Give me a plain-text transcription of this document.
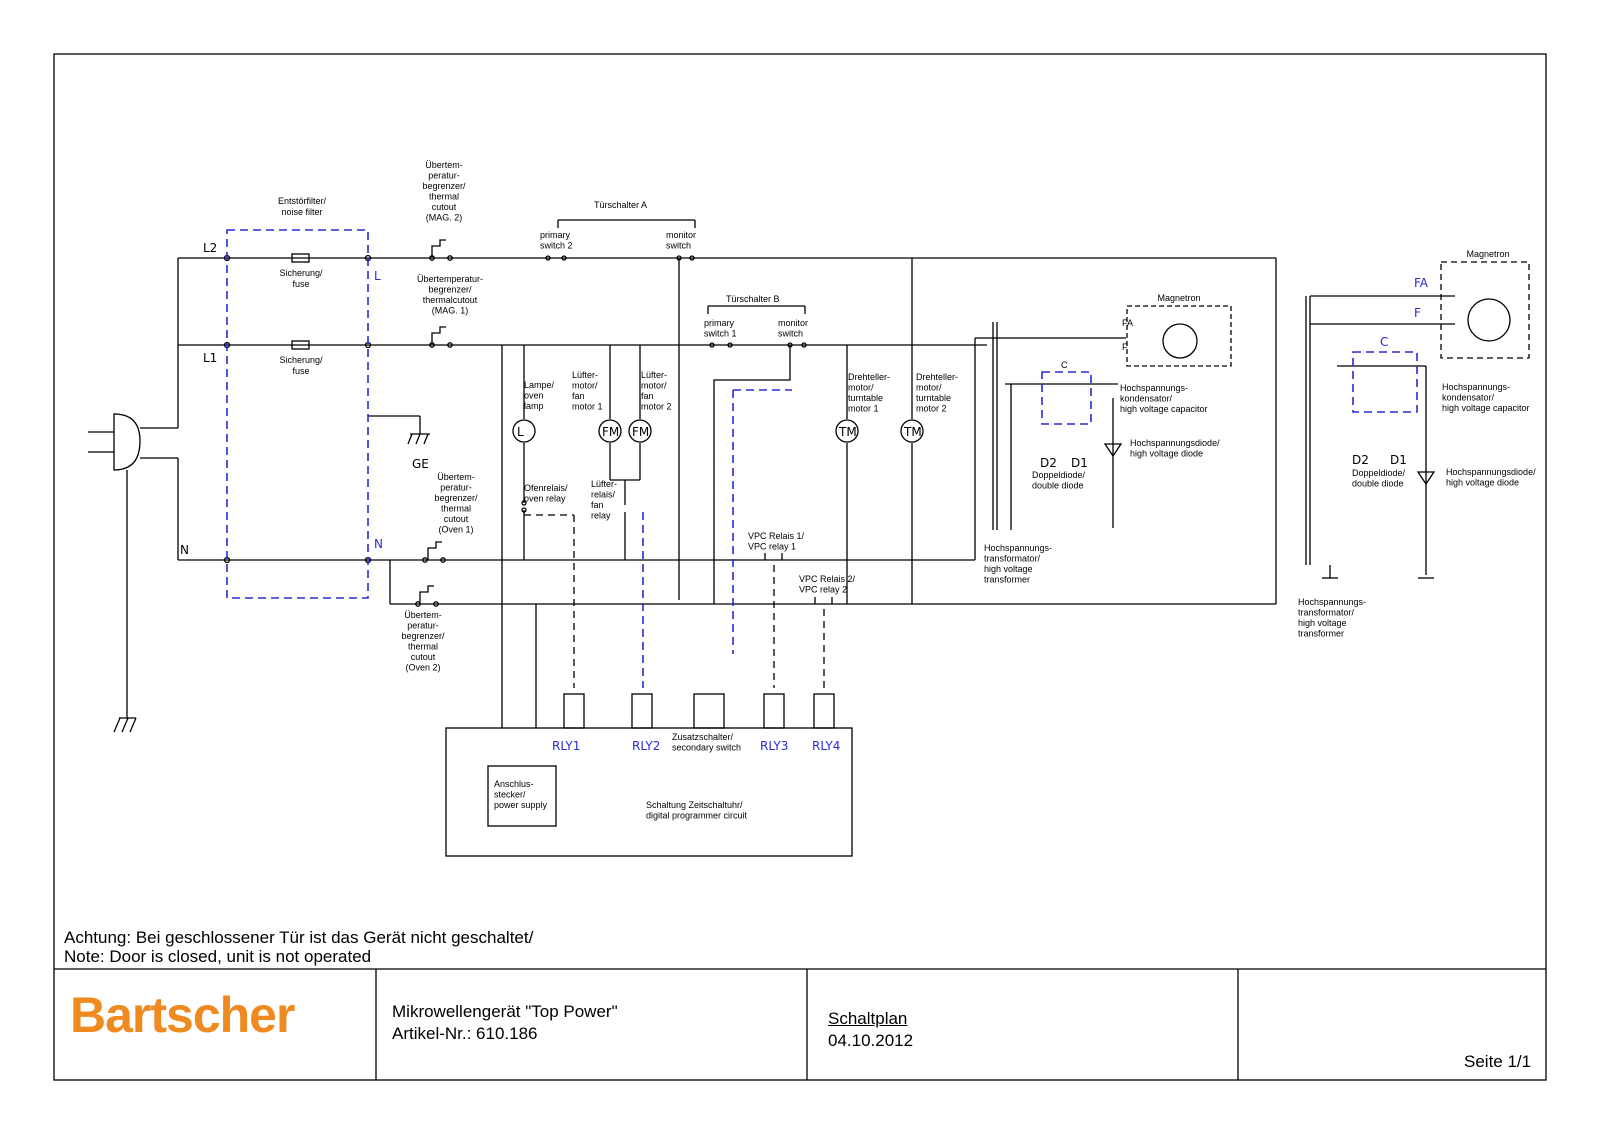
Entstörfilter/
noise filter
Sicherung/
fuse
Sicherung/
fuse
L2
L1
N
GE
L
N
Übertem-
peratur-
begrenzer/
thermal
cutout
(MAG. 2)
Übertemperatur-
begrenzer/
thermalcutout
(MAG. 1)
Übertem-
peratur-
begrenzer/
thermal
cutout
(Oven 1)
Übertem-
peratur-
begrenzer/
thermal
cutout
(Oven 2)
Türschalter A
primary
switch 2
monitor
switch
Türschalter B
primary
switch 1
monitor
switch
Lampe/
oven
lamp
Lüfter-
motor/
fan
motor 1
Lüfter-
motor/
fan
motor 2
Drehteller-
motor/
turntable
motor 1
Drehteller-
motor/
turntable
motor 2
Ofenrelais/
oven relay
Lüfter-
relais/
fan
relay
VPC Relais 1/
VPC relay 1
VPC Relais 2/
VPC relay 2
L	FM FM	TM	TM
Magnetron
Magnetron
FA
F
FA
F
C
C
D2 D1	D2 D1
Hochspannungs-
kondensator/
high voltage capacitor
Hochspannungs-
kondensator/
high voltage capacitor
Hochspannungsdiode/
high voltage diode
Hochspannungsdiode/
high voltage diode
Doppeldiode/
double diode
Doppeldiode/
double diode
Hochspannungs-
transformator/
high voltage
transformer
Hochspannungs-
transformator/
high voltage
transformer
RLY1	RLY2	RLY3 RLY4
Zusatzschalter/
secondary switch
Anschlus-
stecker/
power supply	Schaltung Zeitschaltuhr/
digital programmer circuit
Achtung: Bei geschlossener Tür ist das Gerät nicht geschaltet/
Note: Door is closed, unit is not operated
Bartscher	Mikrowellengerät "Top Power"
Artikel-Nr.: 610.186
Schaltplan
04.10.2012
Seite 1/1
